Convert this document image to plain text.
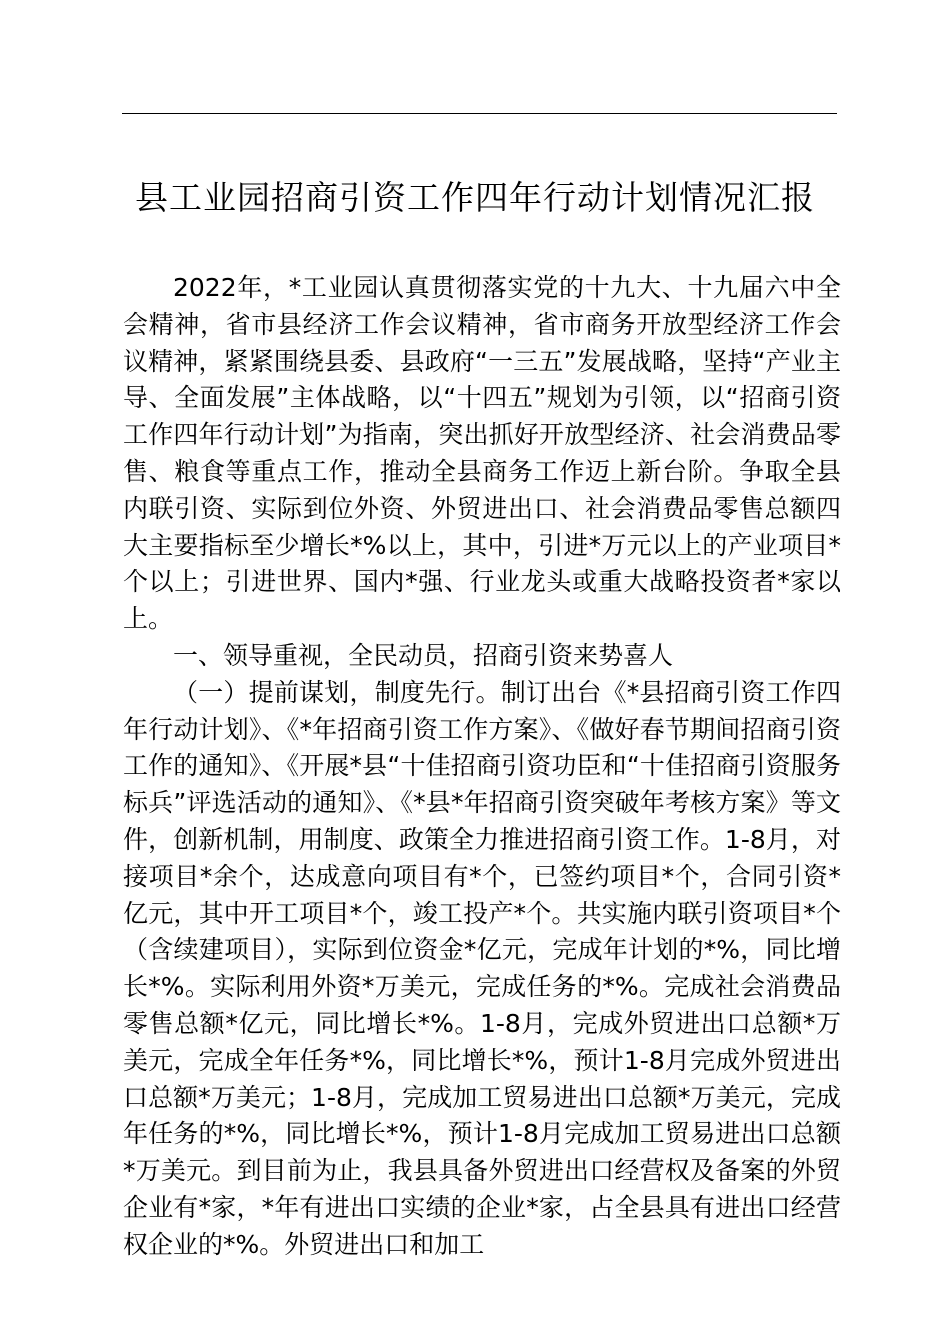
县工业园招商引资工作四年行动计划情况汇报

2022年，*工业园认真贯彻落实党的十九大、十九届六中全会精神，省市县经济工作会议精神，省市商务开放型经济工作会议精神，紧紧围绕县委、县政府“一三五”发展战略，坚持“产业主导、全面发展”主体战略，以“十四五”规划为引领，以“招商引资工作四年行动计划”为指南，突出抓好开放型经济、社会消费品零售、粮食等重点工作，推动全县商务工作迈上新台阶。争取全县内联引资、实际到位外资、外贸进出口、社会消费品零售总额四大主要指标至少增长*%以上，其中，引进*万元以上的产业项目*个以上；引进世界、国内*强、行业龙头或重大战略投资者*家以上。

一、领导重视，全民动员，招商引资来势喜人

（一）提前谋划，制度先行。制订出台《*县招商引资工作四年行动计划》、《*年招商引资工作方案》、《做好春节期间招商引资工作的通知》、《开展*县“十佳招商引资功臣和“十佳招商引资服务标兵”评选活动的通知》、《*县*年招商引资突破年考核方案》等文件，创新机制，用制度、政策全力推进招商引资工作。1-8月，对接项目*余个，达成意向项目有*个，已签约项目*个，合同引资*亿元，其中开工项目*个，竣工投产*个。共实施内联引资项目*个（含续建项目），实际到位资金*亿元，完成年计划的*%，同比增长*%。实际利用外资*万美元，完成任务的*%。完成社会消费品零售总额*亿元，同比增长*%。1-8月，完成外贸进出口总额*万美元，完成全年任务*%，同比增长*%，预计1-8月完成外贸进出口总额*万美元；1-8月，完成加工贸易进出口总额*万美元，完成年任务的*%，同比增长*%，预计1-8月完成加工贸易进出口总额*万美元。到目前为止，我县具备外贸进出口经营权及备案的外贸企业有*家，*年有进出口实绩的企业*家，占全县具有进出口经营权企业的*%。外贸进出口和加工
